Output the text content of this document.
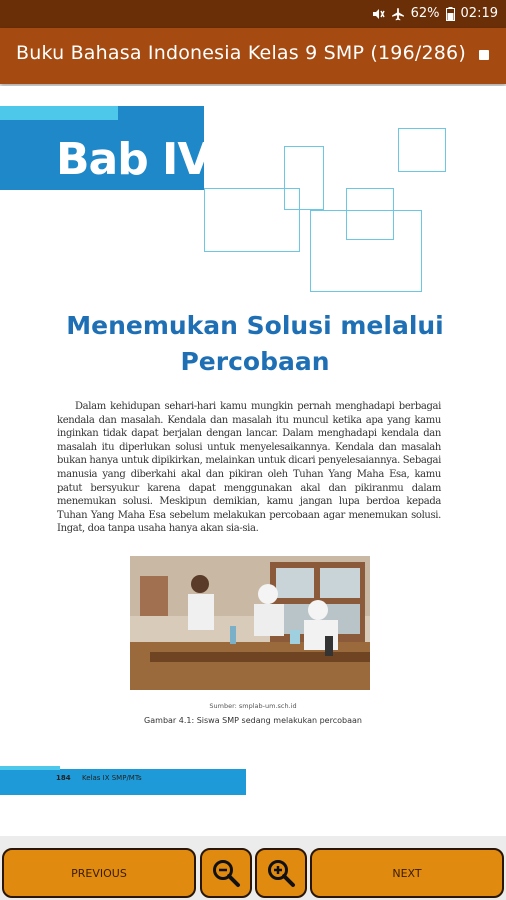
62% 02:19
Buku Bahasa Indonesia Kelas 9 SMP (196/286)
Bab IV
Menemukan Solusi melalui
Percobaan
Dalam kehidupan sehari-hari kamu mungkin pernah menghadapi berbagai kendala dan masalah. Kendala dan masalah itu muncul ketika apa yang kamu inginkan tidak dapat berjalan dengan lancar. Dalam menghadapi kendala dan masalah itu diperlukan solusi untuk menyelesaikannya. Kendala dan masalah bukan hanya untuk dipikirkan, melainkan untuk dicari penyelesaiannya. Sebagai manusia yang diberkahi akal dan pikiran oleh Tuhan Yang Maha Esa, kamu patut bersyukur karena dapat menggunakan akal dan pikiranmu dalam menemukan solusi. Meskipun demikian, kamu jangan lupa berdoa kepada Tuhan Yang Maha Esa sebelum melakukan percobaan agar menemukan solusi. Ingat, doa tanpa usaha hanya akan sia-sia.
Sumber: smplab-um.sch.id
Gambar 4.1: Siswa SMP sedang melakukan percobaan
184 Kelas IX SMP/MTs
PREVIOUS	NEXT
